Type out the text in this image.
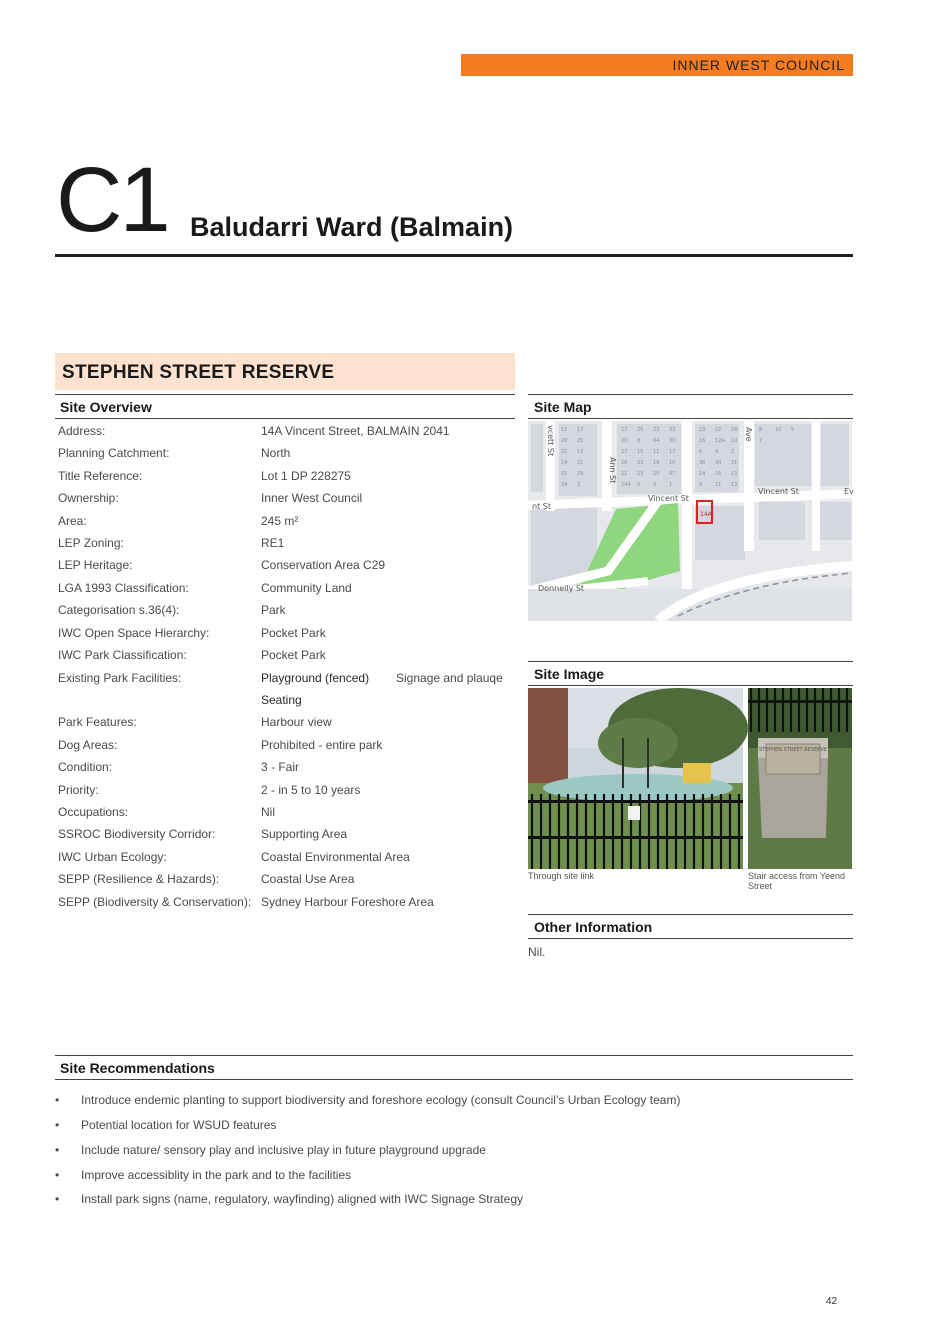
INNER WEST COUNCIL
C1 Baludarri Ward (Balmain)
STEPHEN STREET RESERVE
Site Overview
Address:	14A Vincent Street, BALMAIN 2041
Planning Catchment:	North
Title Reference:	Lot 1 DP 228275
Ownership:	Inner West Council
Area:	245 m²
LEP Zoning:	RE1
LEP Heritage:	Conservation Area C29
LGA 1993 Classification:	Community Land
Categorisation s.36(4):	Park
IWC Open Space Hierarchy:	Pocket Park
IWC Park Classification:	Pocket Park
Existing Park Facilities:	Playground (fenced) Signage and plauqe
Seating
Park Features:	Harbour view
Dog Areas:	Prohibited - entire park
Condition:	3 - Fair
Priority:	2 - in 5 to 10 years
Occupations:	Nil
SSROC Biodiversity Corridor:	Supporting Area
IWC Urban Ecology:	Coastal Environmental Area
SEPP (Resilience & Hazards):	Coastal Use Area
SEPP (Biodiversity & Conservation): Sydney Harbour Foreshore Area
Site Map
Vincent St
Vincent St
nt St
Ev
Donnelly St
14A
Ann St
vcett St	Ave
12 17
28 25
22 13
14 21
32 29
24 2
17 25 23 33
20 8	64 30
27 15 11 17
16 33 19 10
21 23 25 47
244 5	3	1
23 22 18
16 12A 10
6	4	2
36 34 31
14 16 13
9	11 13
8	10 5
7
Site Image
STEPHEN STREET RESERVE
Through site link	Stair access from Yeend Street
Other Information
Nil.
Site Recommendations
• Introduce endemic planting to support biodiversity and foreshore ecology (consult Council’s Urban Ecology team)
• Potential location for WSUD features
• Include nature/ sensory play and inclusive play in future playground upgrade
• Improve accessiblity in the park and to the facilities
• Install park signs (name, regulatory, wayfinding) aligned with IWC Signage Strategy
42
